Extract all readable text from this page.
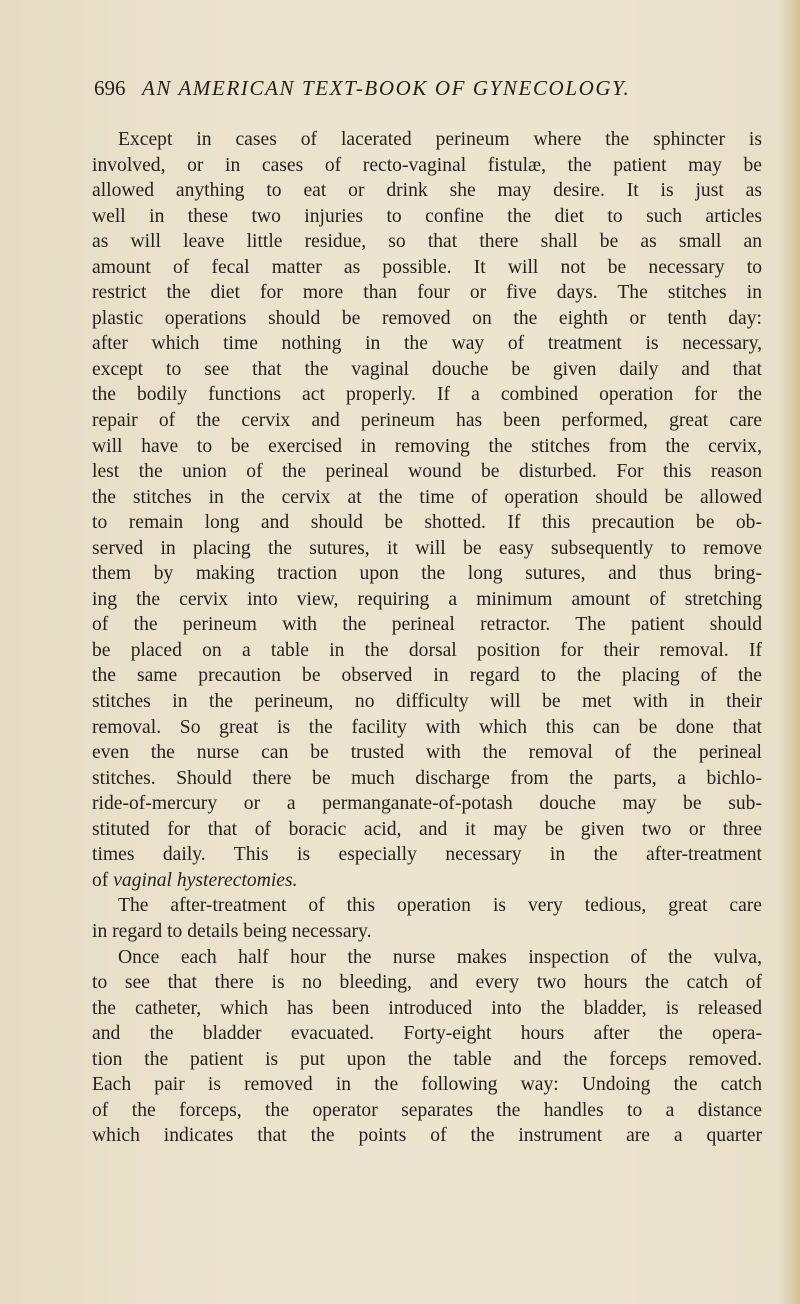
696 AN AMERICAN TEXT-BOOK OF GYNECOLOGY.
Except in cases of lacerated perineum where the sphincter is
involved, or in cases of recto-vaginal fistulæ, the patient may be
allowed anything to eat or drink she may desire. It is just as
well in these two injuries to confine the diet to such articles
as will leave little residue, so that there shall be as small an
amount of fecal matter as possible. It will not be necessary to
restrict the diet for more than four or five days. The stitches in
plastic operations should be removed on the eighth or tenth day:
after which time nothing in the way of treatment is necessary,
except to see that the vaginal douche be given daily and that
the bodily functions act properly. If a combined operation for the
repair of the cervix and perineum has been performed, great care
will have to be exercised in removing the stitches from the cervix,
lest the union of the perineal wound be disturbed. For this reason
the stitches in the cervix at the time of operation should be allowed
to remain long and should be shotted. If this precaution be ob-
served in placing the sutures, it will be easy subsequently to remove
them by making traction upon the long sutures, and thus bring-
ing the cervix into view, requiring a minimum amount of stretching
of the perineum with the perineal retractor. The patient should
be placed on a table in the dorsal position for their removal. If
the same precaution be observed in regard to the placing of the
stitches in the perineum, no difficulty will be met with in their
removal. So great is the facility with which this can be done that
even the nurse can be trusted with the removal of the perineal
stitches. Should there be much discharge from the parts, a bichlo-
ride-of-mercury or a permanganate-of-potash douche may be sub-
stituted for that of boracic acid, and it may be given two or three
times daily. This is especially necessary in the after-treatment
of vaginal hysterectomies.
The after-treatment of this operation is very tedious, great care
in regard to details being necessary.
Once each half hour the nurse makes inspection of the vulva,
to see that there is no bleeding, and every two hours the catch of
the catheter, which has been introduced into the bladder, is released
and the bladder evacuated. Forty-eight hours after the opera-
tion the patient is put upon the table and the forceps removed.
Each pair is removed in the following way: Undoing the catch
of the forceps, the operator separates the handles to a distance
which indicates that the points of the instrument are a quarter
